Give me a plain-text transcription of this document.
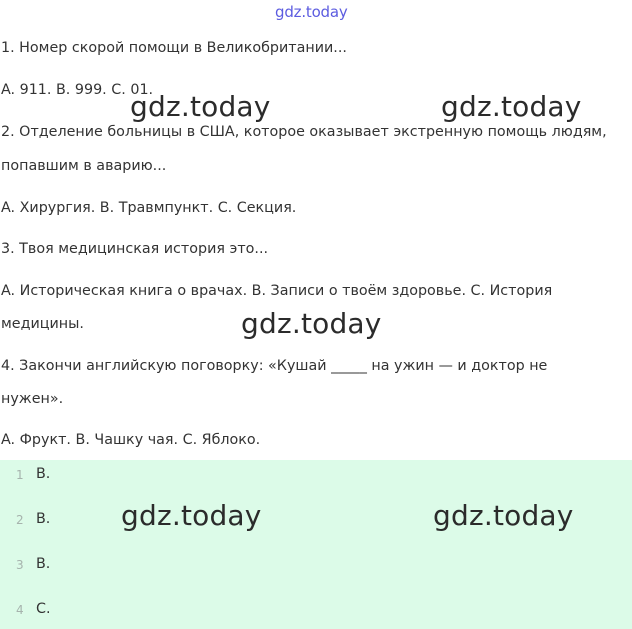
gdz.today
1. Номер скорой помощи в Великобритании...
A. 911. B. 999. C. 01.
2. Отделение больницы в США, которое оказывает экстренную помощь людям,
попавшим в аварию...
A. Хирургия. B. Травмпункт. C. Секция.
3. Твоя медицинская история это...
A. Историческая книга о врачах. B. Записи о твоём здоровье. C. История
медицины.
4. Закончи английскую поговорку: «Кушай _____ на ужин — и доктор не
нужен».
A. Фрукт. B. Чашку чая. C. Яблоко.
1 B.
2 B.
3 B.
4 C.
gdz.today	gdz.today
gdz.today
gdz.today	gdz.today
